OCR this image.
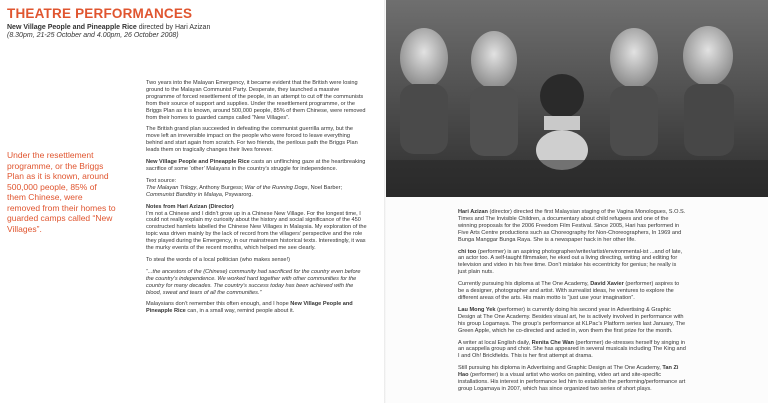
THEATRE PERFORMANCES
New Village People and Pineapple Rice directed by Hari Azizan
(8.30pm, 21-25 October and 4.00pm, 26 October 2008)
Under the resettlement programme, or the Briggs Plan as it is known, around 500,000 people, 85% of them Chinese, were removed from their homes to guarded camps called “New Villages”.

Two years into the Malayan Emergency, it became evident that the British were losing ground to the Malayan Communist Party. Desperate, they launched a massive programme of forced resettlement of the people, in an attempt to cut off the communists from their source of support and supplies. Under the resettlement programme, or the Briggs Plan as it is known, around 500,000 people, 85% of them Chinese, were removed from their homes to guarded camps called “New Villages”.

The British grand plan succeeded in defeating the communist guerrilla army, but the move left an irreversible impact on the people who were forced to leave everything behind and start again from scratch. For two friends, the perilous path the Briggs Plan leads them on tragically changes their lives forever.

New Village People and Pineapple Rice casts an unflinching gaze at the heartbreaking sacrifice of some ‘other’ Malayans in the country’s struggle for independence.

Text source:
The Malayan Trilogy, Anthony Burgess; War of the Running Dogs, Noel Barber;
Communist Banditry in Malaya, Psywarorg.

Notes from Hari Azizan (Director)

I’m not a Chinese and I didn’t grow up in a Chinese New Village. For the longest time, I could not really explain my curiosity about the history and social significance of the 450 constructed hamlets labelled the Chinese New Villages in Malaysia. My exploration of the topic was driven mainly by the lack of record from the villagers’ perspective and the role they played during the Emergency, in our mainstream historical texts. Interestingly, it was the murky events of the recent months, which helped me see clearly.

To steal the words of a local politician (who makes sense!)

“...the ancestors of the (Chinese) community had sacrificed for the country even before the country’s independence. We worked hard together with other communities for the country for many decades. The country’s success today has been achieved with the blood, sweat and tears of all the communities.”

Malaysians don’t remember this often enough, and I hope New Village People and Pineapple Rice can, in a small way, remind people about it.

Hari Azizan (director) directed the first Malaysian staging of the Vagina Monologues, S.O.S. Times and The Invisible Children, a documentary about child refugees and one of the winning proposals for the 2006 Freedom Film Festival. Since 2005, Hari has performed in Five Arts Centre productions such as Choreography for Non-Choreographers, In 1969 and Bunga Manggar Bunga Raya. She is a newspaper hack in her other life.

chi too (performer) is an aspiring photographer/writer/artist/environmental-ist ...and of late, an actor too. A self-taught filmmaker, he eked out a living directing, writing and editing for television and video in his free time. Don’t mistake his eccentricity for genius; he really is just plain nuts.

Currently pursuing his diploma at The One Academy, David Xavier (performer) aspires to be a designer, photographer and artist. With surrealist ideas, he ventures to explore the different areas of the arts. His main motto is “just use your imagination”.

Lau Mong Yek (performer) is currently doing his second year in Advertising & Graphic Design at The One Academy. Besides visual art, he is actively involved in performance with his group Logamaya. The group’s performance at KLPac’s Platform series last January, The Green Apple, which he co-directed and acted in, won them the first prize for the month.

A writer at local English daily, Renita Che Wan (performer) de-stresses herself by singing in an acappella group and choir. She has appeared in several musicals including The King and I and Oh! Brickfields. This is her first attempt at drama.

Still pursuing his diploma in Advertising and Graphic Design at The One Academy, Tan Zi Hao (performer) is a visual artist who works on painting, video art and site-specific installations. His interest in performance led him to establish the performing/performance art group Logamaya in 2007, which has since organized two series of short plays.
